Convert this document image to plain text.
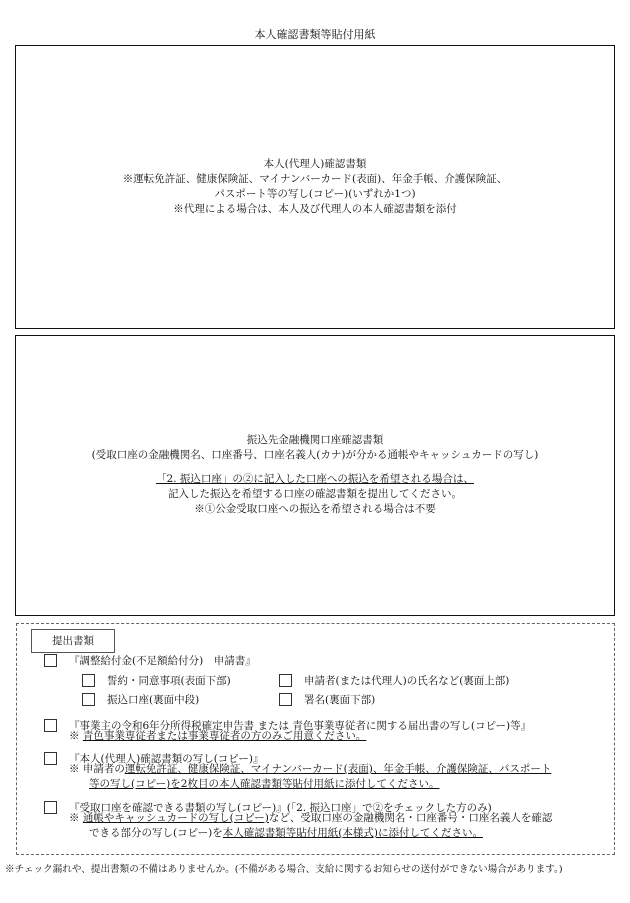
本人確認書類等貼付用紙
本人(代理人)確認書類
※運転免許証、健康保険証、マイナンバーカード(表面)、年金手帳、介護保険証、
パスポート等の写し(コピー)(いずれか1つ)
※代理による場合は、本人及び代理人の本人確認書類を添付
振込先金融機関口座確認書類
(受取口座の金融機関名、口座番号、口座名義人(カナ)が分かる通帳やキャッシュカードの写し)
「2. 振込口座」の②に記入した口座への振込を希望される場合は、
記入した振込を希望する口座の確認書類を提出してください。
※①公金受取口座への振込を希望される場合は不要
提出書類
『調整給付金(不足額給付分)　申請書』
誓約・同意事項(表面下部)	申請者(または代理人)の氏名など(裏面上部)
振込口座(裏面中段)	署名(裏面下部)
『事業主の令和6年分所得税確定申告書 または 青色事業専従者に関する届出書の写し(コピー)等』
※ 青色事業専従者または事業専従者の方のみご用意ください。
『本人(代理人)確認書類の写し(コピー)』
※ 申請者の運転免許証、健康保険証、マイナンバーカード(表面)、年金手帳、介護保険証、パスポート
等の写し(コピー)を2枚目の本人確認書類等貼付用紙に添付してください。
『受取口座を確認できる書類の写し(コピー)』(「2. 振込口座」で②をチェックした方のみ)
※ 通帳やキャッシュカードの写し(コピー)など、受取口座の金融機関名・口座番号・口座名義人を確認
できる部分の写し(コピー)を本人確認書類等貼付用紙(本様式)に添付してください。
※チェック漏れや、提出書類の不備はありませんか。(不備がある場合、支給に関するお知らせの送付ができない場合があります。)
